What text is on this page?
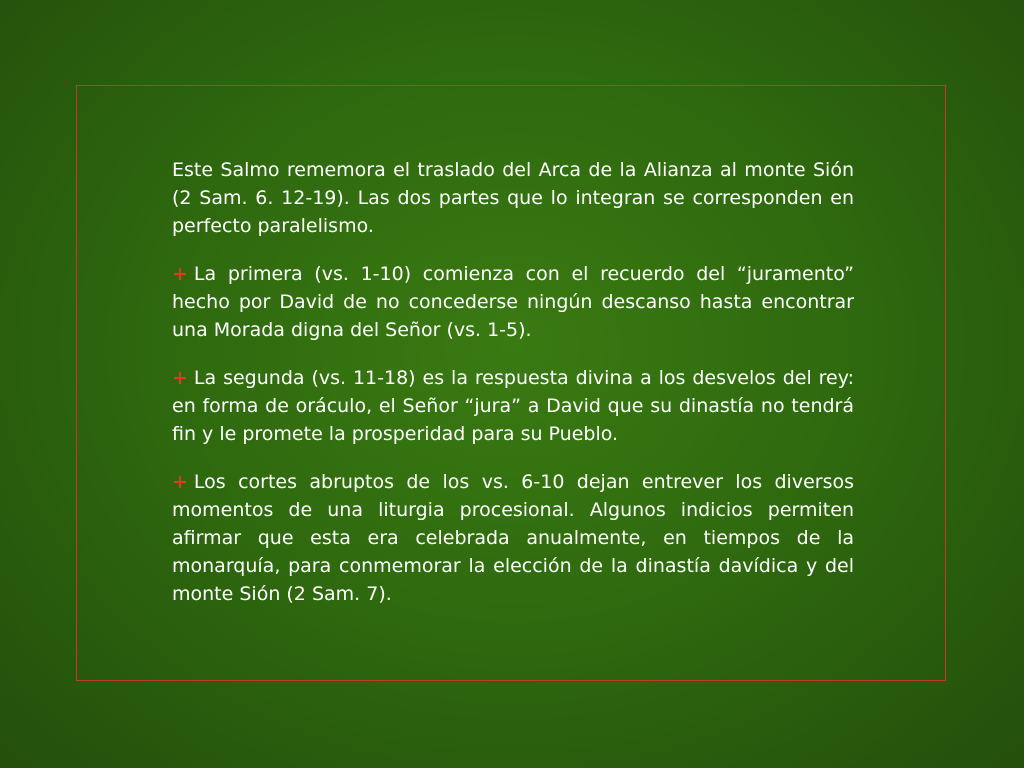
Este Salmo rememora el traslado del Arca de la Alianza al monte Sión (2 Sam. 6. 12-19). Las dos partes que lo integran se corresponden en perfecto paralelismo.

+ La primera (vs. 1-10) comienza con el recuerdo del “juramento” hecho por David de no concederse ningún descanso hasta encontrar una Morada digna del Señor (vs. 1-5).

+ La segunda (vs. 11-18) es la respuesta divina a los desvelos del rey: en forma de oráculo, el Señor “jura” a David que su dinastía no tendrá fin y le promete la prosperidad para su Pueblo.

+ Los cortes abruptos de los vs. 6-10 dejan entrever los diversos momentos de una liturgia procesional. Algunos indicios permiten afirmar que esta era celebrada anualmente, en tiempos de la monarquía, para conmemorar la elección de la dinastía davídica y del monte Sión (2 Sam. 7).
